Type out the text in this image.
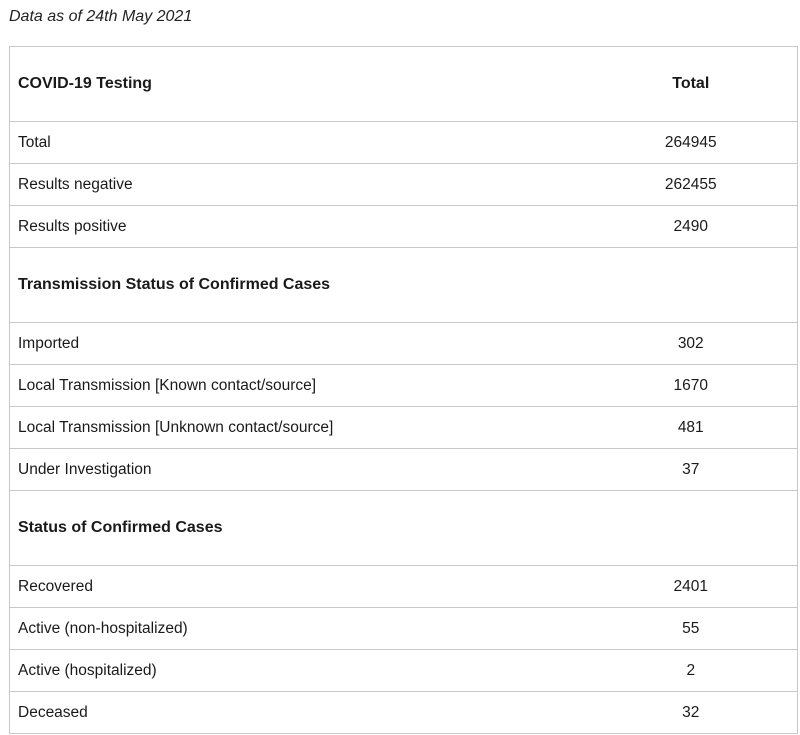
Data as of 24th May 2021
COVID-19 Testing	Total
Total	264945
Results negative	262455
Results positive	2490
Transmission Status of Confirmed Cases	
Imported	302
Local Transmission [Known contact/source]	1670
Local Transmission [Unknown contact/source]	481
Under Investigation	37
Status of Confirmed Cases	
Recovered	2401
Active (non-hospitalized)	55
Active (hospitalized)	2
Deceased	32
